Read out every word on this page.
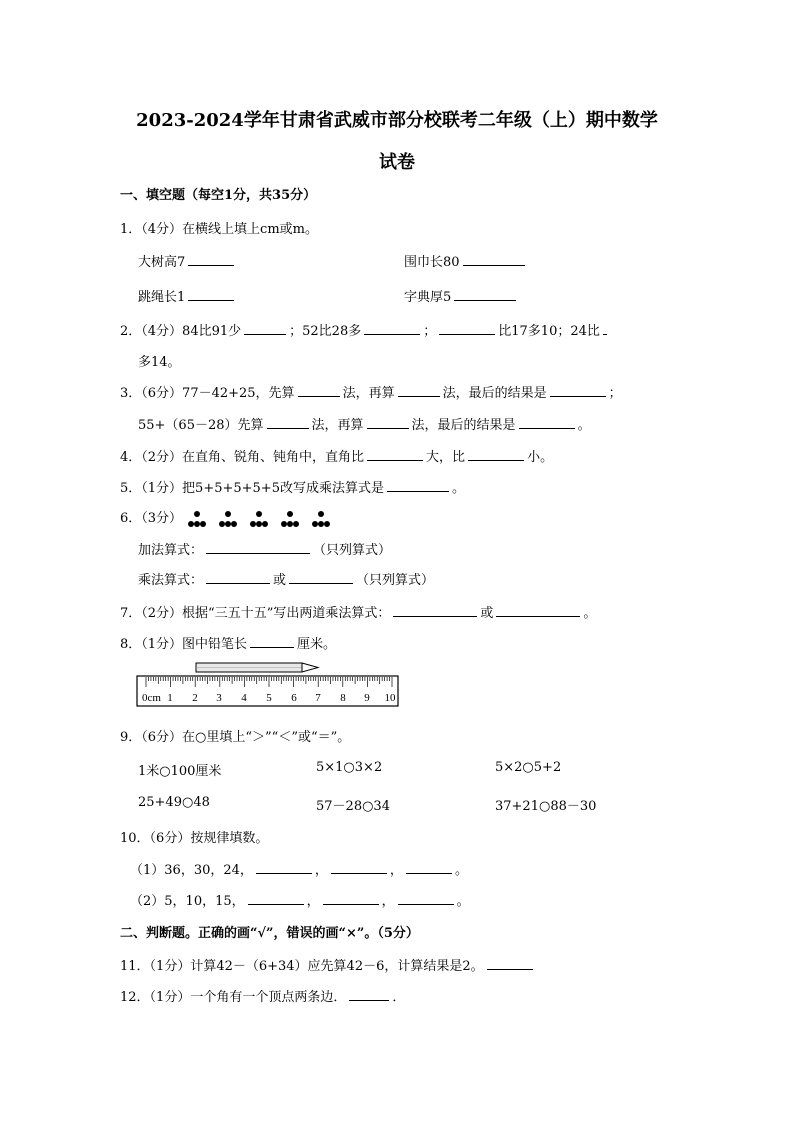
2023-2024学年甘肃省武威市部分校联考二年级（上）期中数学
试卷
一、填空题（每空1分，共35分）
1．（4分）在横线上填上cm或m。
大树高7	围巾长80
跳绳长1	字典厚5
2．（4分）84比91少	；52比28多	；	比17多10；24比
多14。
3．（6分）77－42+25，先算	法，再算	法，最后的结果是	；
55+（65－28）先算	法，再算	法，最后的结果是	。
4．（2分）在直角、锐角、钝角中，直角比	大，比	小。
5．（1分）把5+5+5+5+5改写成乘法算式是	。
6．（3分）
加法算式：	（只列算式）
乘法算式：	或	（只列算式）
7．（2分）根据“三五十五”写出两道乘法算式：	或	。
8．（1分）图中铅笔长	厘米。
0cm 1 2 3 4 5 6 7 8 9 10
9．（6分）在○里填上“＞”“＜”或“＝”。
1米○100厘米	5×1○3×2	5×2○5+2
25+49○48	57－28○34	37+21○88－30
10．（6分）按规律填数。
（1）36，30，24，	，	，	。
（2）5，10，15，	，	，	。
二、判断题。正确的画“√”，错误的画“×”。（5分）
11．（1分）计算42－（6+34）应先算42－6，计算结果是2。
12．（1分）一个角有一个顶点两条边．	．
